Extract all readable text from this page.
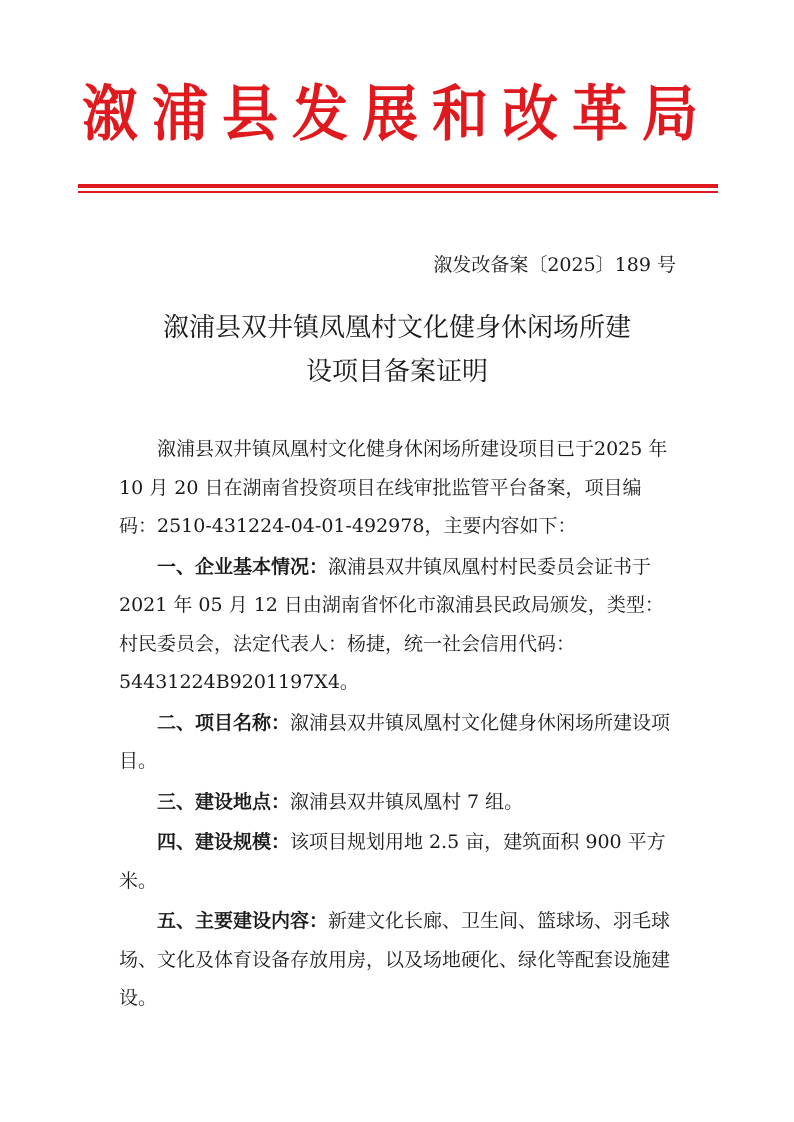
溆浦县发展和改革局
溆发改备案〔2025〕189 号
溆浦县双井镇凤凰村文化健身休闲场所建
设项目备案证明

溆浦县双井镇凤凰村文化健身休闲场所建设项目已于2025 年 10 月 20 日在湖南省投资项目在线审批监管平台备案，项目编码：2510-431224-04-01-492978，主要内容如下：

一、企业基本情况：溆浦县双井镇凤凰村村民委员会证书于 2021 年 05 月 12 日由湖南省怀化市溆浦县民政局颁发，类型：村民委员会，法定代表人：杨捷，统一社会信用代码：54431224B9201197X4。

二、项目名称：溆浦县双井镇凤凰村文化健身休闲场所建设项目。

三、建设地点：溆浦县双井镇凤凰村 7 组。

四、建设规模：该项目规划用地 2.5 亩，建筑面积 900 平方米。

五、主要建设内容：新建文化长廊、卫生间、篮球场、羽毛球场、文化及体育设备存放用房，以及场地硬化、绿化等配套设施建设。
